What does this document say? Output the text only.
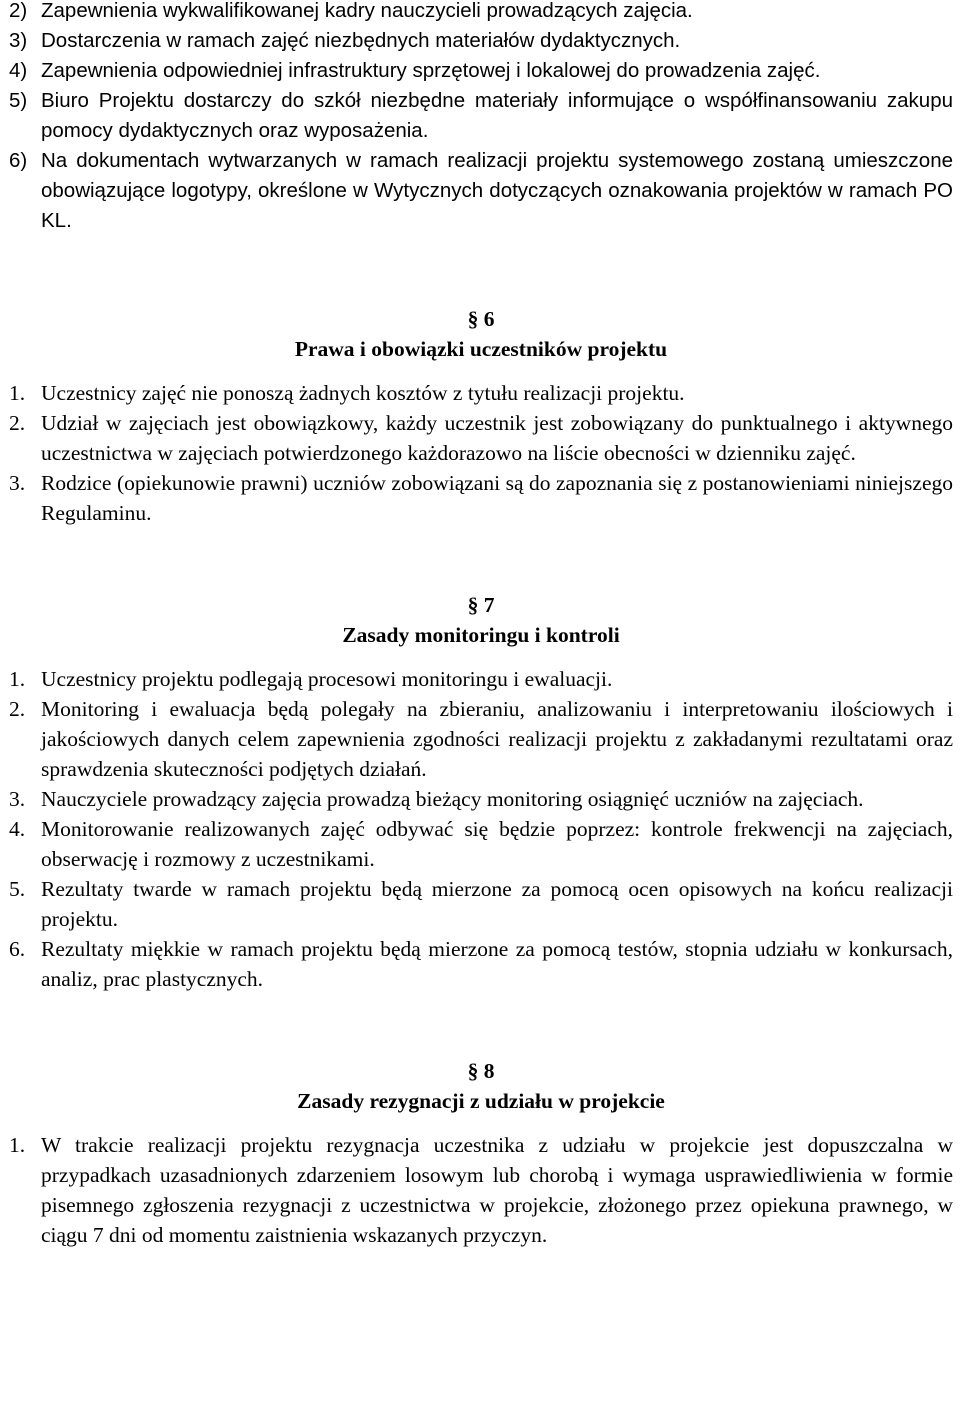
2) Zapewnienia wykwalifikowanej kadry nauczycieli prowadzących zajęcia.
3) Dostarczenia w ramach zajęć niezbędnych materiałów dydaktycznych.
4) Zapewnienia odpowiedniej infrastruktury sprzętowej i lokalowej do prowadzenia zajęć.
5) Biuro Projektu dostarczy do szkół niezbędne materiały informujące o współfinansowaniu zakupu pomocy dydaktycznych oraz wyposażenia.
6) Na dokumentach wytwarzanych w ramach realizacji projektu systemowego zostaną umieszczone obowiązujące logotypy, określone w Wytycznych dotyczących oznakowania projektów w ramach PO KL.
§ 6
Prawa i obowiązki uczestników projektu
1. Uczestnicy zajęć nie ponoszą żadnych kosztów z tytułu realizacji projektu.
2. Udział w zajęciach jest obowiązkowy, każdy uczestnik jest zobowiązany do punktualnego i aktywnego uczestnictwa w zajęciach potwierdzonego każdorazowo na liście obecności w dzienniku zajęć.
3. Rodzice (opiekunowie prawni) uczniów zobowiązani są do zapoznania się z postanowieniami niniejszego Regulaminu.
§ 7
Zasady monitoringu i kontroli
1. Uczestnicy projektu podlegają procesowi monitoringu i ewaluacji.
2. Monitoring i ewaluacja będą polegały na zbieraniu, analizowaniu i interpretowaniu ilościowych i jakościowych danych celem zapewnienia zgodności realizacji projektu z zakładanymi rezultatami oraz sprawdzenia skuteczności podjętych działań.
3. Nauczyciele prowadzący zajęcia prowadzą bieżący monitoring osiągnięć uczniów na zajęciach.
4. Monitorowanie realizowanych zajęć odbywać się będzie poprzez: kontrole frekwencji na zajęciach, obserwację i rozmowy z uczestnikami.
5. Rezultaty twarde w ramach projektu będą mierzone za pomocą ocen opisowych na końcu realizacji projektu.
6. Rezultaty miękkie w ramach projektu będą mierzone za pomocą testów, stopnia udziału w konkursach, analiz, prac plastycznych.
§ 8
Zasady rezygnacji z udziału w projekcie
1. W trakcie realizacji projektu rezygnacja uczestnika z udziału w projekcie jest dopuszczalna w przypadkach uzasadnionych zdarzeniem losowym lub chorobą i wymaga usprawiedliwienia w formie pisemnego zgłoszenia rezygnacji z uczestnictwa w projekcie, złożonego przez opiekuna prawnego, w ciągu 7 dni od momentu zaistnienia wskazanych przyczyn.
